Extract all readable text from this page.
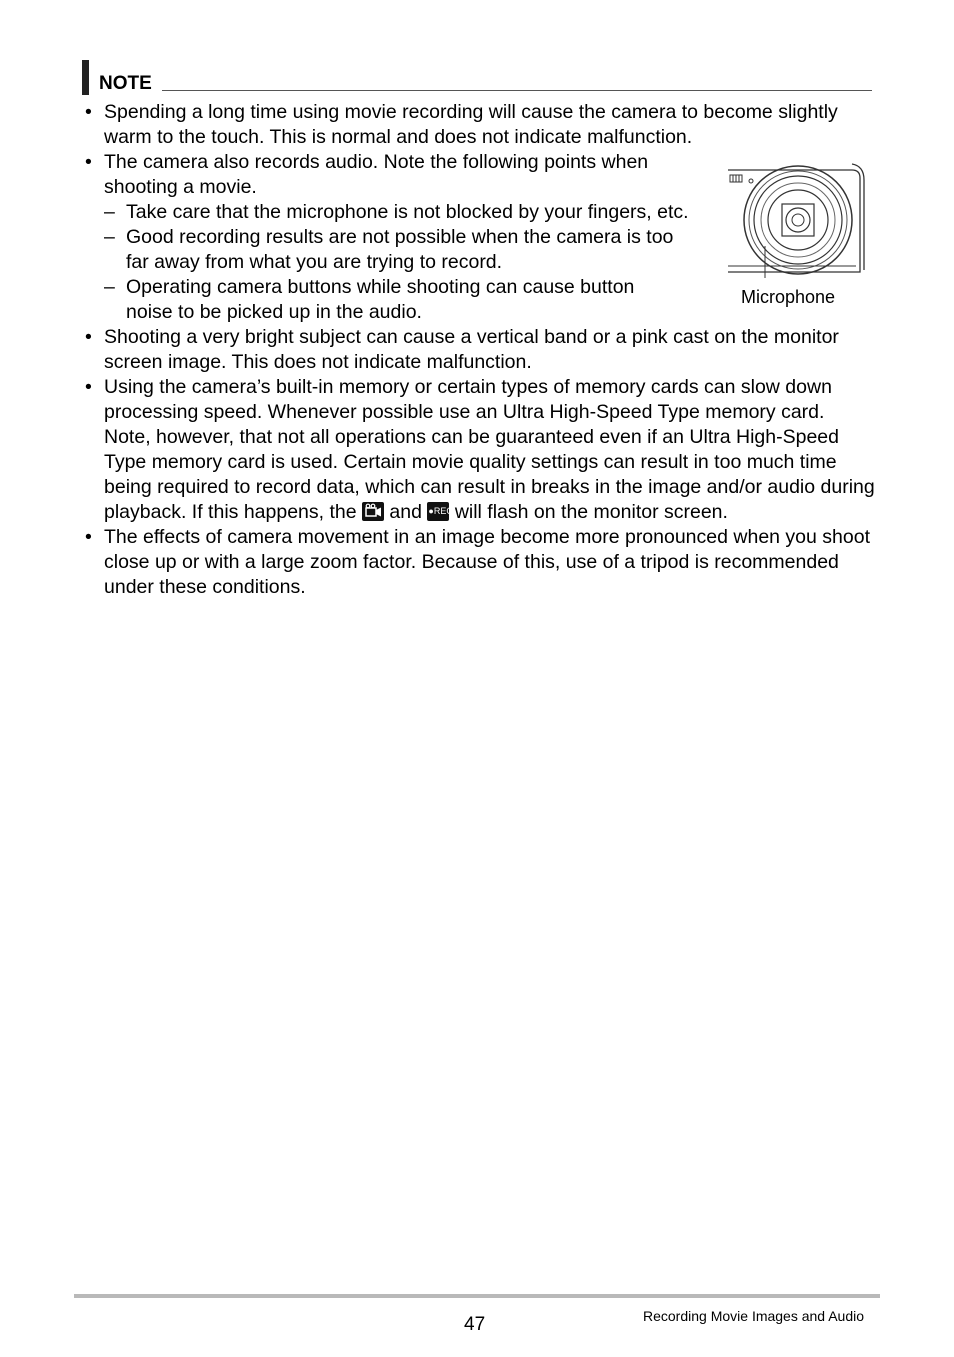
NOTE
• Spending a long time using movie recording will cause the camera to become slightly warm to the touch. This is normal and does not indicate malfunction.
• The camera also records audio. Note the following points when shooting a movie.
– Take care that the microphone is not blocked by your fingers, etc.
– Good recording results are not possible when the camera is too far away from what you are trying to record.
– Operating camera buttons while shooting can cause button noise to be picked up in the audio.
• Shooting a very bright subject can cause a vertical band or a pink cast on the monitor screen image. This does not indicate malfunction.
• Using the camera’s built-in memory or certain types of memory cards can slow down processing speed. Whenever possible use an Ultra High-Speed Type memory card. Note, however, that not all operations can be guaranteed even if an Ultra High-Speed Type memory card is used. Certain movie quality settings can result in too much time being required to record data, which can result in breaks in the image and/or audio during playback. If this happens, the and ●REC will flash on the monitor screen.
• The effects of camera movement in an image become more pronounced when you shoot close up or with a large zoom factor. Because of this, use of a tripod is recommended under these conditions.
Microphone
47	Recording Movie Images and Audio
